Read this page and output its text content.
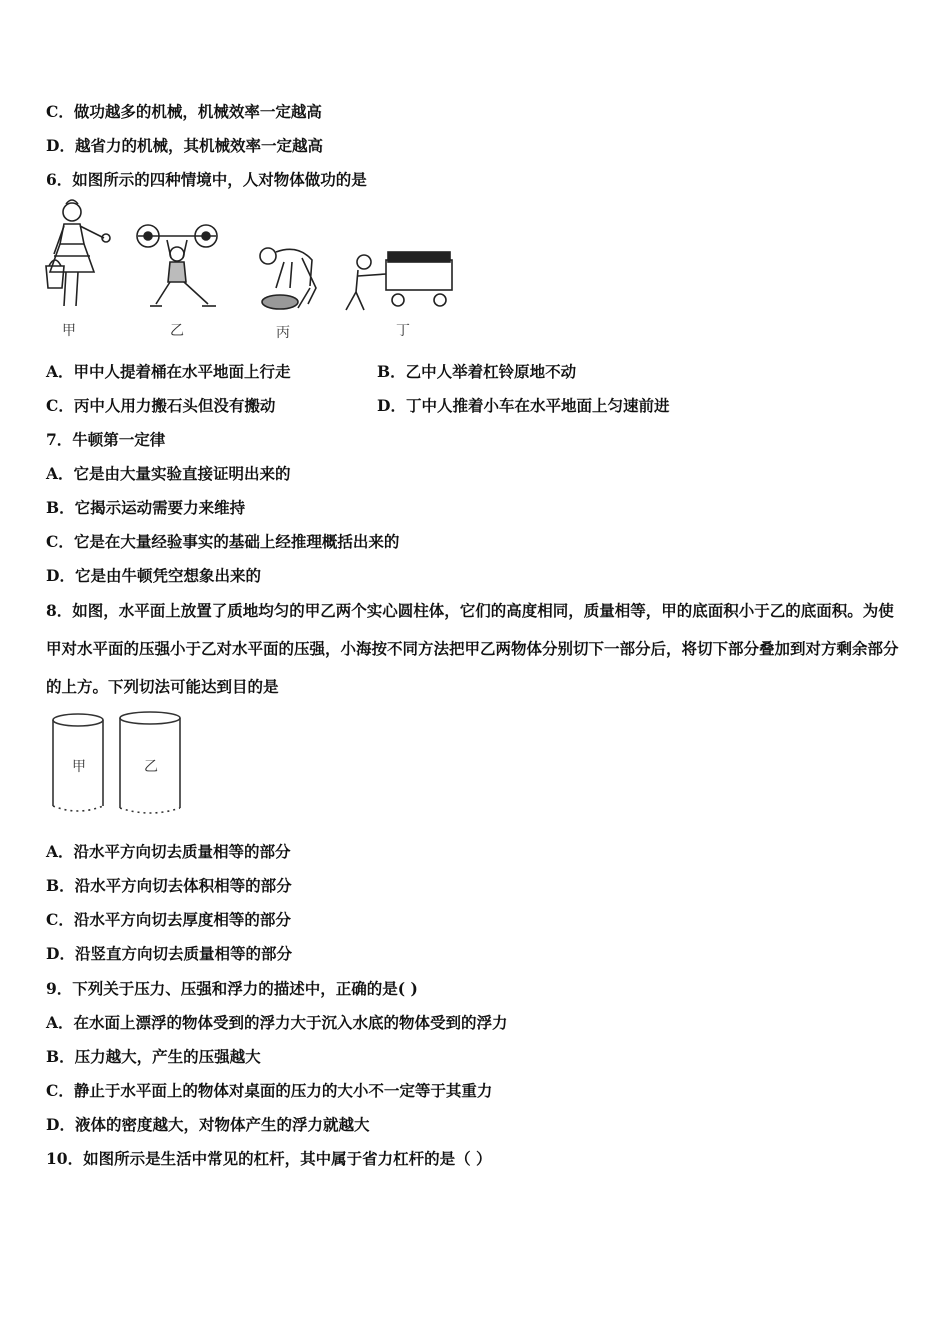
C．做功越多的机械，机械效率一定越高
D．越省力的机械，其机械效率一定越高
6．如图所示的四种情境中，人对物体做功的是
甲	乙	丙	丁
A．甲中人提着桶在水平地面上行走	B．乙中人举着杠铃原地不动
C．丙中人用力搬石头但没有搬动	D．丁中人推着小车在水平地面上匀速前进
7．牛顿第一定律
A．它是由大量实验直接证明出来的
B．它揭示运动需要力来维持
C．它是在大量经验事实的基础上经推理概括出来的
D．它是由牛顿凭空想象出来的
8．如图，水平面上放置了质地均匀的甲乙两个实心圆柱体，它们的高度相同，质量相等，甲的底面积小于乙的底面积。为使甲对水平面的压强小于乙对水平面的压强，小海按不同方法把甲乙两物体分别切下一部分后，将切下部分叠加到对方剩余部分的上方。下列切法可能达到目的是
甲	乙
A．沿水平方向切去质量相等的部分
B．沿水平方向切去体积相等的部分
C．沿水平方向切去厚度相等的部分
D．沿竖直方向切去质量相等的部分
9．下列关于压力、压强和浮力的描述中，正确的是( )
A．在水面上漂浮的物体受到的浮力大于沉入水底的物体受到的浮力
B．压力越大，产生的压强越大
C．静止于水平面上的物体对桌面的压力的大小不一定等于其重力
D．液体的密度越大，对物体产生的浮力就越大
10．如图所示是生活中常见的杠杆，其中属于省力杠杆的是（ ）
